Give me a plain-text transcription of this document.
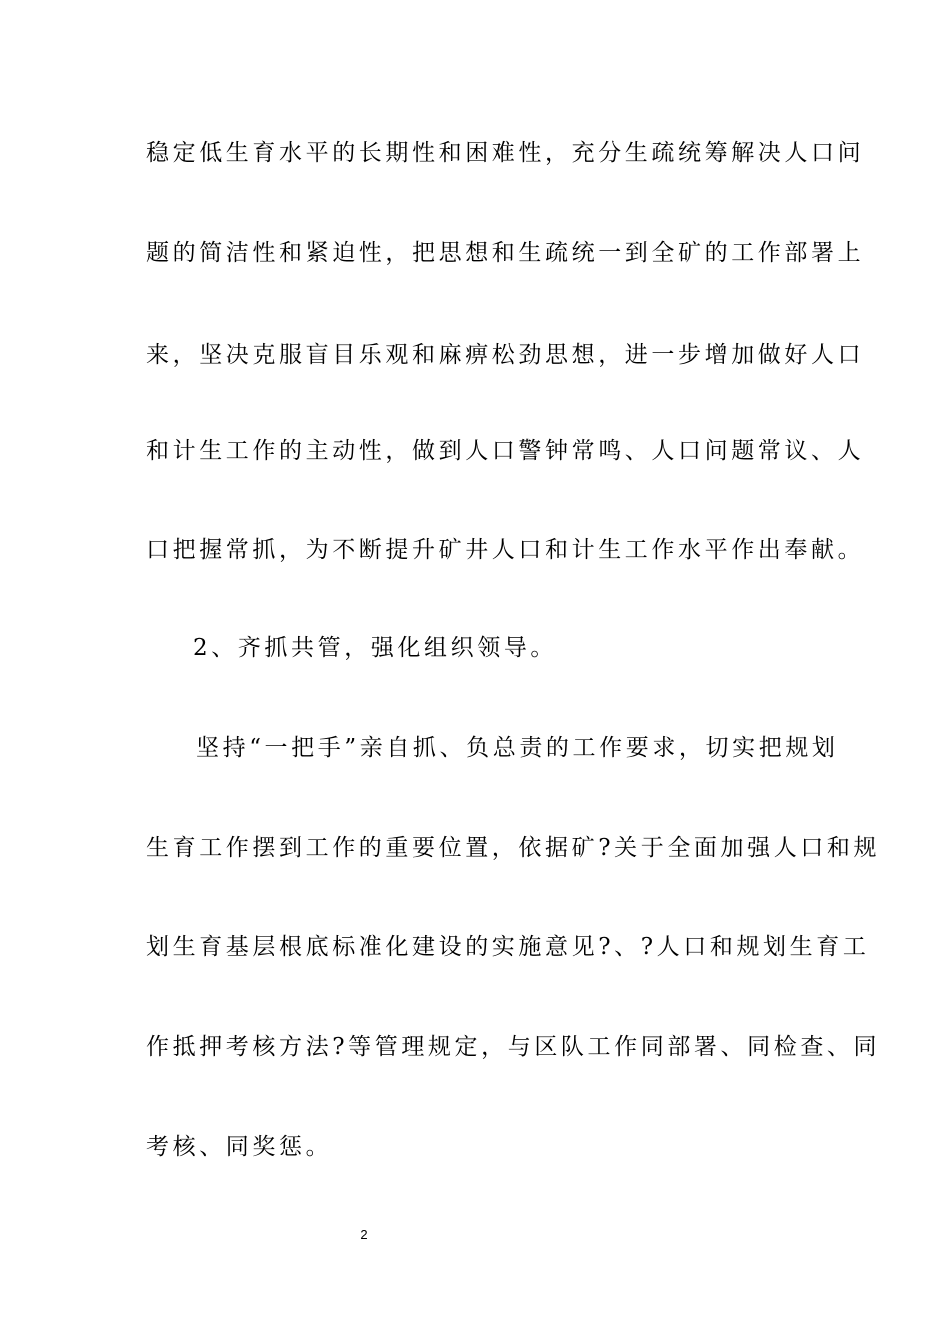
稳定低生育水平的长期性和困难性，充分生疏统筹解决人口问
题的简洁性和紧迫性，把思想和生疏统一到全矿的工作部署上
来，坚决克服盲目乐观和麻痹松劲思想，进一步增加做好人口
和计生工作的主动性，做到人口警钟常鸣、人口问题常议、人
口把握常抓，为不断提升矿井人口和计生工作水平作出奉献。
2、齐抓共管，强化组织领导。
坚持“一把手”亲自抓、负总责的工作要求，切实把规划
生育工作摆到工作的重要位置，依据矿?关于全面加强人口和规
划生育基层根底标准化建设的实施意见?、?人口和规划生育工
作抵押考核方法?等管理规定，与区队工作同部署、同检查、同
考核、同奖惩。
2
